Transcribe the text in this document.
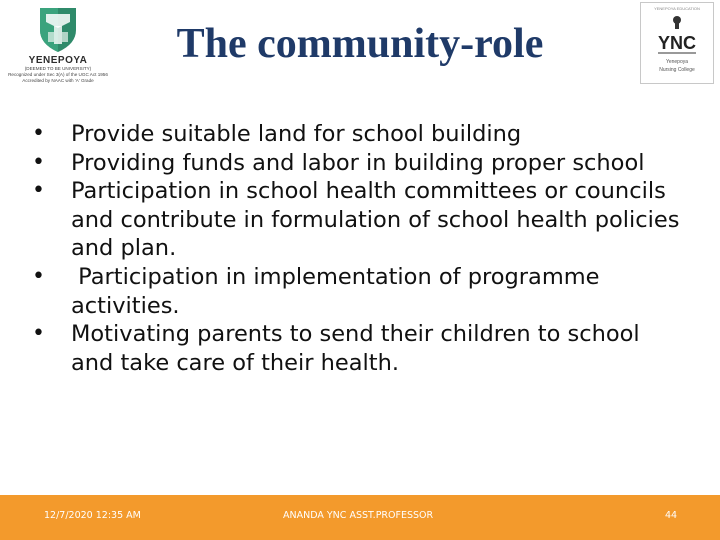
YENEPOYA
(DEEMED TO BE UNIVERSITY)
Recognized under Sec 3(A) of the UGC Act 1956
Accredited by NAAC with 'A' Grade
The community-role
YENEPOYA EDUCATION
YNC
Yenepoya
Nursing College
•	Provide suitable land for school building
•	Providing funds and labor in building proper school
•	Participation in school health committees or councils and contribute in formulation of school health policies and plan.
•	Participation in implementation of programme activities.
•	Motivating parents to send their children to school and take care of their health.
12/7/2020 12:35 AM	ANANDA YNC ASST.PROFESSOR	44
